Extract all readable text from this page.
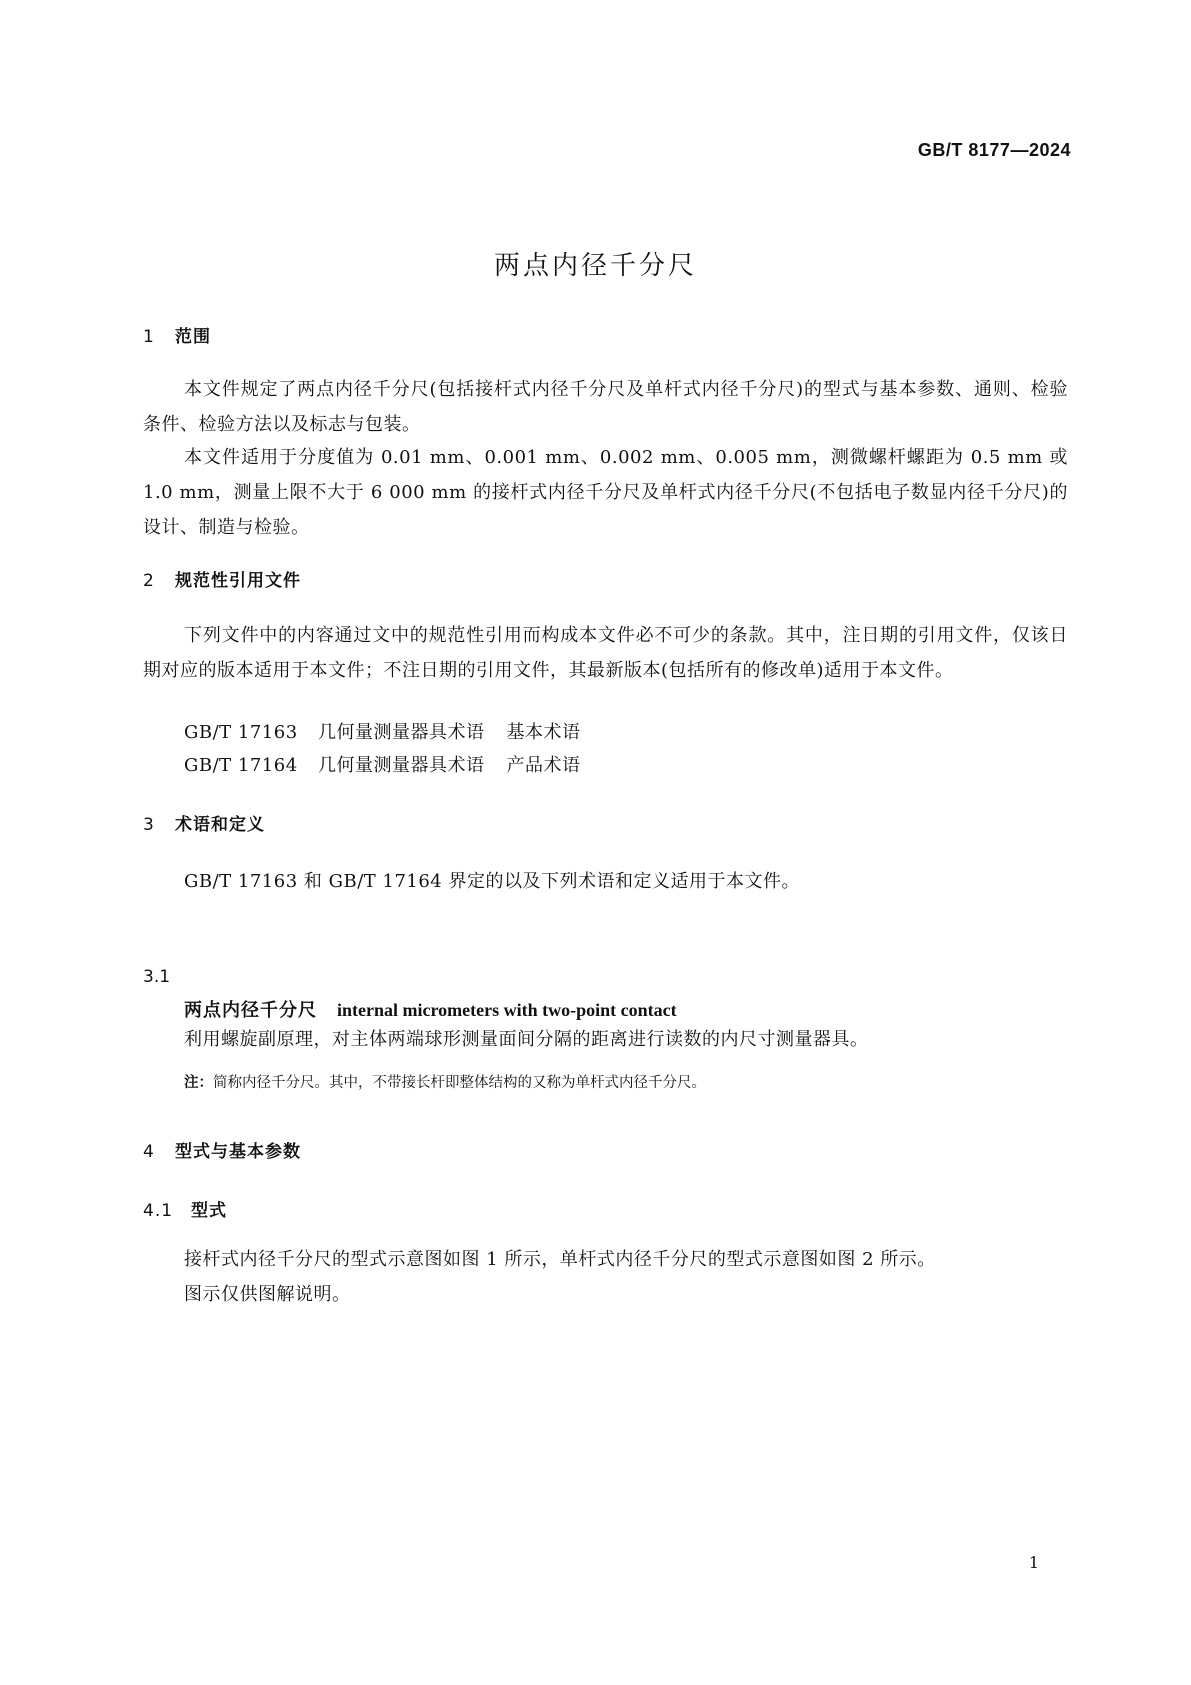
GB/T 8177—2024
两点内径千分尺
1 范围
本文件规定了两点内径千分尺(包括接杆式内径千分尺及单杆式内径千分尺)的型式与基本参数、通则、检验条件、检验方法以及标志与包装。
本文件适用于分度值为 0.01 mm、0.001 mm、0.002 mm、0.005 mm，测微螺杆螺距为 0.5 mm 或 1.0 mm，测量上限不大于 6 000 mm 的接杆式内径千分尺及单杆式内径千分尺(不包括电子数显内径千分尺)的设计、制造与检验。
2 规范性引用文件
下列文件中的内容通过文中的规范性引用而构成本文件必不可少的条款。其中，注日期的引用文件，仅该日期对应的版本适用于本文件；不注日期的引用文件，其最新版本(包括所有的修改单)适用于本文件。
GB/T 17163 几何量测量器具术语 基本术语
GB/T 17164 几何量测量器具术语 产品术语
3 术语和定义
GB/T 17163 和 GB/T 17164 界定的以及下列术语和定义适用于本文件。
3.1
两点内径千分尺 internal micrometers with two-point contact
利用螺旋副原理，对主体两端球形测量面间分隔的距离进行读数的内尺寸测量器具。
注：简称内径千分尺。其中，不带接长杆即整体结构的又称为单杆式内径千分尺。
4 型式与基本参数
4.1 型式
接杆式内径千分尺的型式示意图如图 1 所示，单杆式内径千分尺的型式示意图如图 2 所示。
图示仅供图解说明。
1
